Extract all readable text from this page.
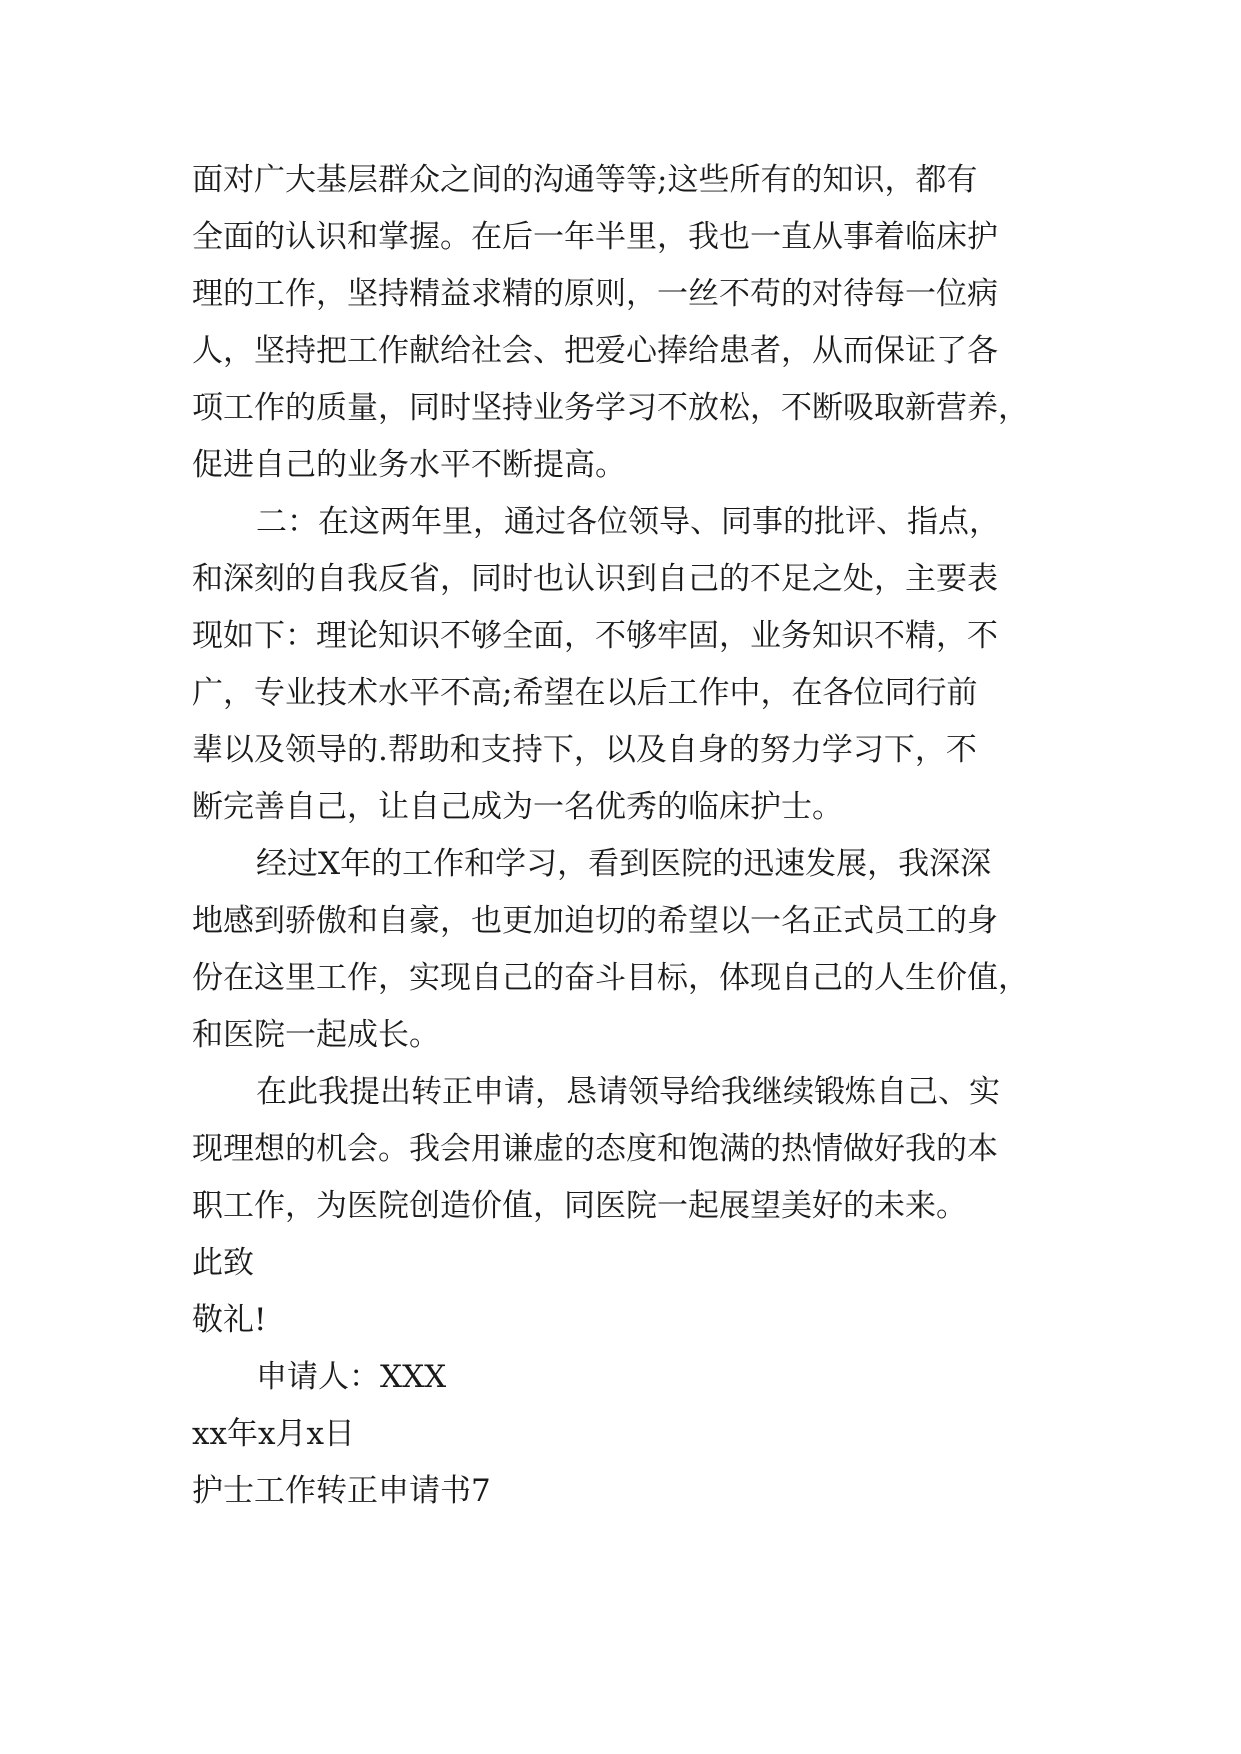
面对广大基层群众之间的沟通等等;这些所有的知识，都有
全面的认识和掌握。在后一年半里，我也一直从事着临床护
理的工作，坚持精益求精的原则，一丝不苟的对待每一位病
人，坚持把工作献给社会、把爱心捧给患者，从而保证了各
项工作的质量，同时坚持业务学习不放松，不断吸取新营养，
促进自己的业务水平不断提高。
二：在这两年里，通过各位领导、同事的批评、指点，
和深刻的自我反省，同时也认识到自己的不足之处，主要表
现如下：理论知识不够全面，不够牢固，业务知识不精，不
广，专业技术水平不高;希望在以后工作中，在各位同行前
辈以及领导的.帮助和支持下，以及自身的努力学习下，不
断完善自己，让自己成为一名优秀的临床护士。
经过X年的工作和学习，看到医院的迅速发展，我深深
地感到骄傲和自豪，也更加迫切的希望以一名正式员工的身
份在这里工作，实现自己的奋斗目标，体现自己的人生价值，
和医院一起成长。
在此我提出转正申请，恳请领导给我继续锻炼自己、实
现理想的机会。我会用谦虚的态度和饱满的热情做好我的本
职工作，为医院创造价值，同医院一起展望美好的未来。
此致
敬礼!
申请人：XXX
xx年x月x日
护士工作转正申请书7
